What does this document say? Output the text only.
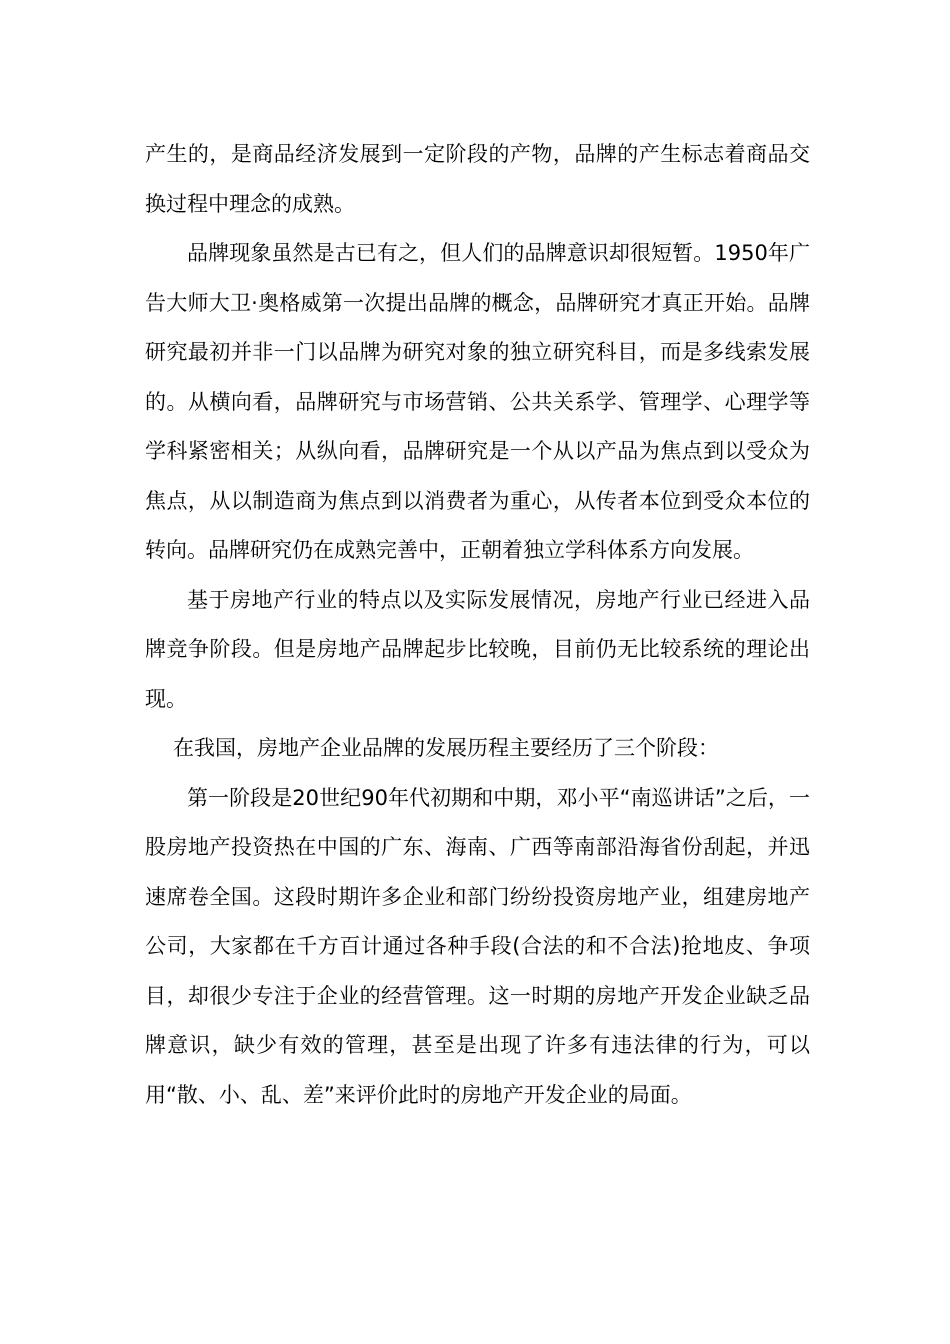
产生的，是商品经济发展到一定阶段的产物，品牌的产生标志着商品交换过程中理念的成熟。

品牌现象虽然是古已有之，但人们的品牌意识却很短暂。1950年广告大师大卫·奥格威第一次提出品牌的概念，品牌研究才真正开始。品牌研究最初并非一门以品牌为研究对象的独立研究科目，而是多线索发展的。从横向看，品牌研究与市场营销、公共关系学、管理学、心理学等学科紧密相关；从纵向看，品牌研究是一个从以产品为焦点到以受众为焦点，从以制造商为焦点到以消费者为重心，从传者本位到受众本位的转向。品牌研究仍在成熟完善中，正朝着独立学科体系方向发展。

基于房地产行业的特点以及实际发展情况，房地产行业已经进入品牌竞争阶段。但是房地产品牌起步比较晚，目前仍无比较系统的理论出现。

在我国，房地产企业品牌的发展历程主要经历了三个阶段：

第一阶段是20世纪90年代初期和中期，邓小平“南巡讲话”之后，一股房地产投资热在中国的广东、海南、广西等南部沿海省份刮起，并迅速席卷全国。这段时期许多企业和部门纷纷投资房地产业，组建房地产公司，大家都在千方百计通过各种手段(合法的和不合法)抢地皮、争项目，却很少专注于企业的经营管理。这一时期的房地产开发企业缺乏品牌意识，缺少有效的管理，甚至是出现了许多有违法律的行为，可以用“散、小、乱、差”来评价此时的房地产开发企业的局面。
